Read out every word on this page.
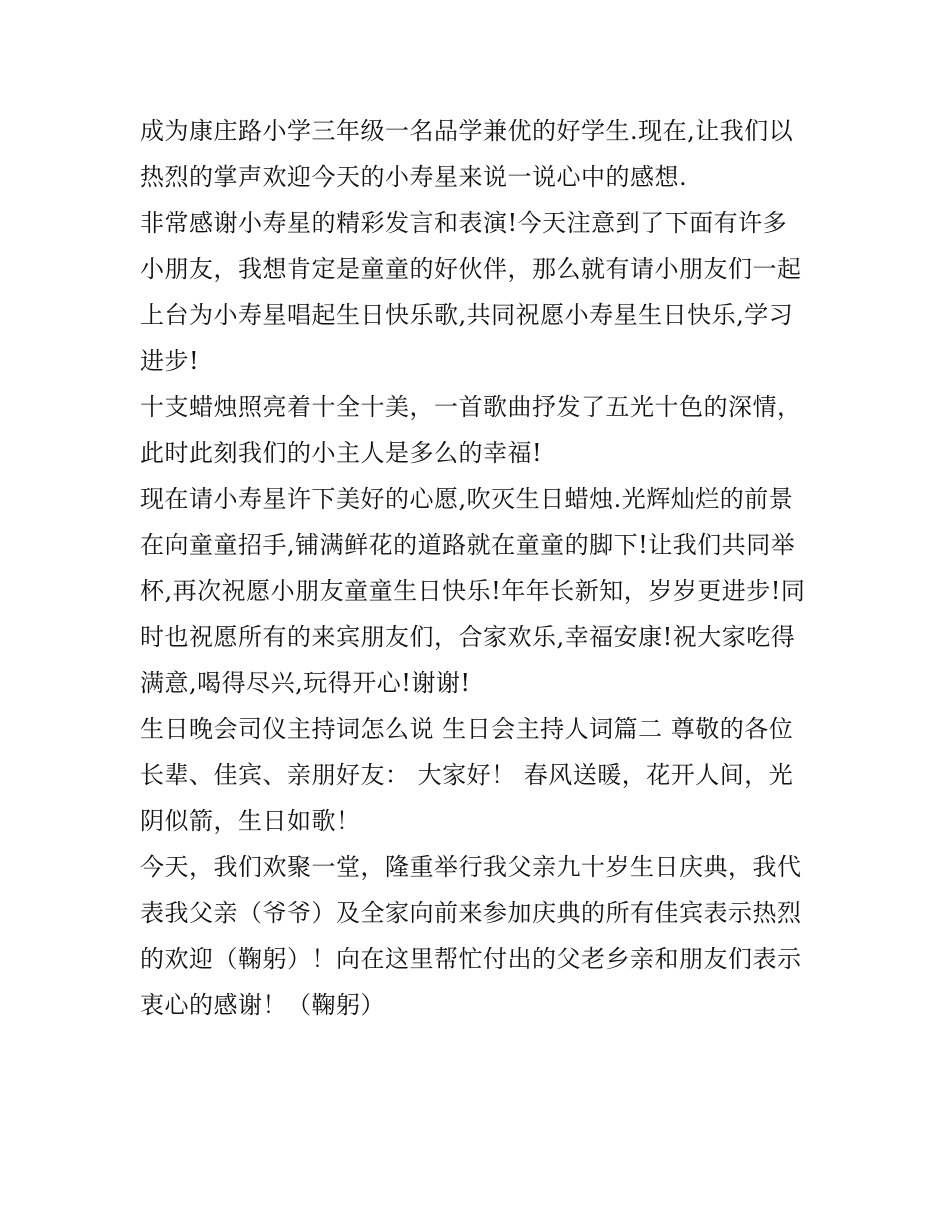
成为康庄路小学三年级一名品学兼优的好学生.现在,让我们以
热烈的掌声欢迎今天的小寿星来说一说心中的感想.
非常感谢小寿星的精彩发言和表演!今天注意到了下面有许多
小朋友，我想肯定是童童的好伙伴，那么就有请小朋友们一起
上台为小寿星唱起生日快乐歌,共同祝愿小寿星生日快乐,学习
进步!
十支蜡烛照亮着十全十美，一首歌曲抒发了五光十色的深情，
此时此刻我们的小主人是多么的幸福!
现在请小寿星许下美好的心愿,吹灭生日蜡烛.光辉灿烂的前景
在向童童招手,铺满鲜花的道路就在童童的脚下!让我们共同举
杯,再次祝愿小朋友童童生日快乐!年年长新知，岁岁更进步!同
时也祝愿所有的来宾朋友们，合家欢乐,幸福安康!祝大家吃得
满意,喝得尽兴,玩得开心!谢谢!
生日晚会司仪主持词怎么说 生日会主持人词篇二 尊敬的各位
长辈、佳宾、亲朋好友： 大家好！ 春风送暖，花开人间，光
阴似箭，生日如歌！
今天，我们欢聚一堂，隆重举行我父亲九十岁生日庆典，我代
表我父亲（爷爷）及全家向前来参加庆典的所有佳宾表示热烈
的欢迎（鞠躬）！向在这里帮忙付出的父老乡亲和朋友们表示
衷心的感谢！（鞠躬）
